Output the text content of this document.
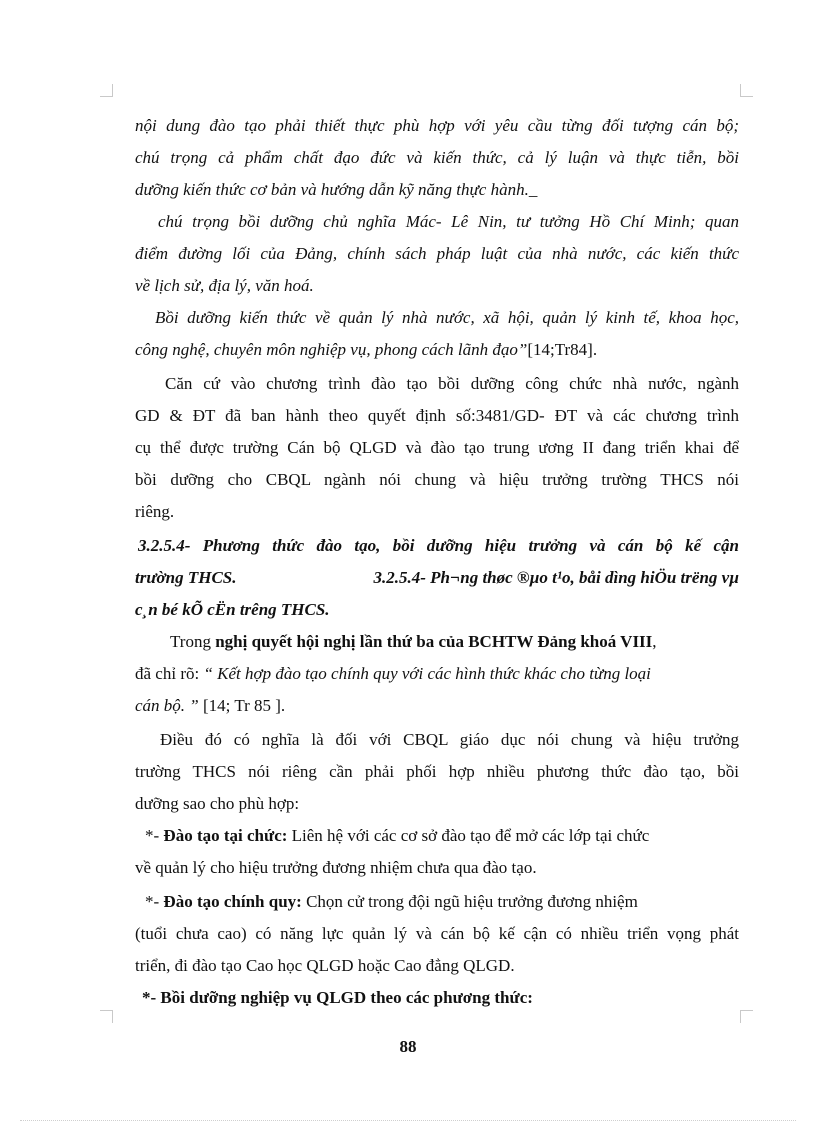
nội dung đào tạo phải thiết thực phù hợp với yêu cầu từng đối tượng cán bộ;
chú trọng cả phẩm chất đạo đức và kiến thức, cả lý luận và thực tiễn, bồi
dưỡng kiến thức cơ bản và hướng dẫn kỹ năng thực hành._
chú trọng bồi dưỡng chủ nghĩa Mác- Lê Nin, tư tưởng Hồ Chí Minh; quan
điểm đường lối của Đảng, chính sách pháp luật của nhà nước, các kiến thức
về lịch sử, địa lý, văn hoá.
Bồi dưỡng kiến thức về quản lý nhà nước, xã hội, quản lý kinh tế, khoa học,
công nghệ, chuyên môn nghiệp vụ, phong cách lãnh đạo”[14;Tr84].
Căn cứ vào chương trình đào tạo bồi dưỡng công chức nhà nước, ngành
GD & ĐT đã ban hành theo quyết định số:3481/GD- ĐT và các chương trình
cụ thể được trường Cán bộ QLGD và đào tạo trung ương II đang triển khai để
bồi dưỡng cho CBQL ngành nói chung và hiệu trưởng trường THCS nói
riêng.
3.2.5.4- Phương thức đào tạo, bồi dưỡng hiệu trưởng và cán bộ kế cận
trường THCS.	3.2.5.4- Ph¬ng thøc ®µo t¹o, båi dìng hiÖu trëng vµ
c¸n bé kÕ cËn trêng THCS.
Trong nghị quyết hội nghị lần thứ ba của BCHTW Đảng khoá VIII,
đã chỉ rõ: “ Kết hợp đào tạo chính quy với các hình thức khác cho từng loại
cán bộ. ” [14; Tr 85 ].
Điều đó có nghĩa là đối với CBQL giáo dục nói chung và hiệu trưởng
trường THCS nói riêng cần phải phối hợp nhiều phương thức đào tạo, bồi
dưỡng sao cho phù hợp:
*- Đào tạo tại chức: Liên hệ với các cơ sở đào tạo để mở các lớp tại chức
về quản lý cho hiệu trưởng đương nhiệm chưa qua đào tạo.
*- Đào tạo chính quy: Chọn cử trong đội ngũ hiệu trưởng đương nhiệm
(tuổi chưa cao) có năng lực quản lý và cán bộ kế cận có nhiều triển vọng phát
triển, đi đào tạo Cao học QLGD hoặc Cao đẳng QLGD.
*- Bồi dưỡng nghiệp vụ QLGD theo các phương thức:
88
